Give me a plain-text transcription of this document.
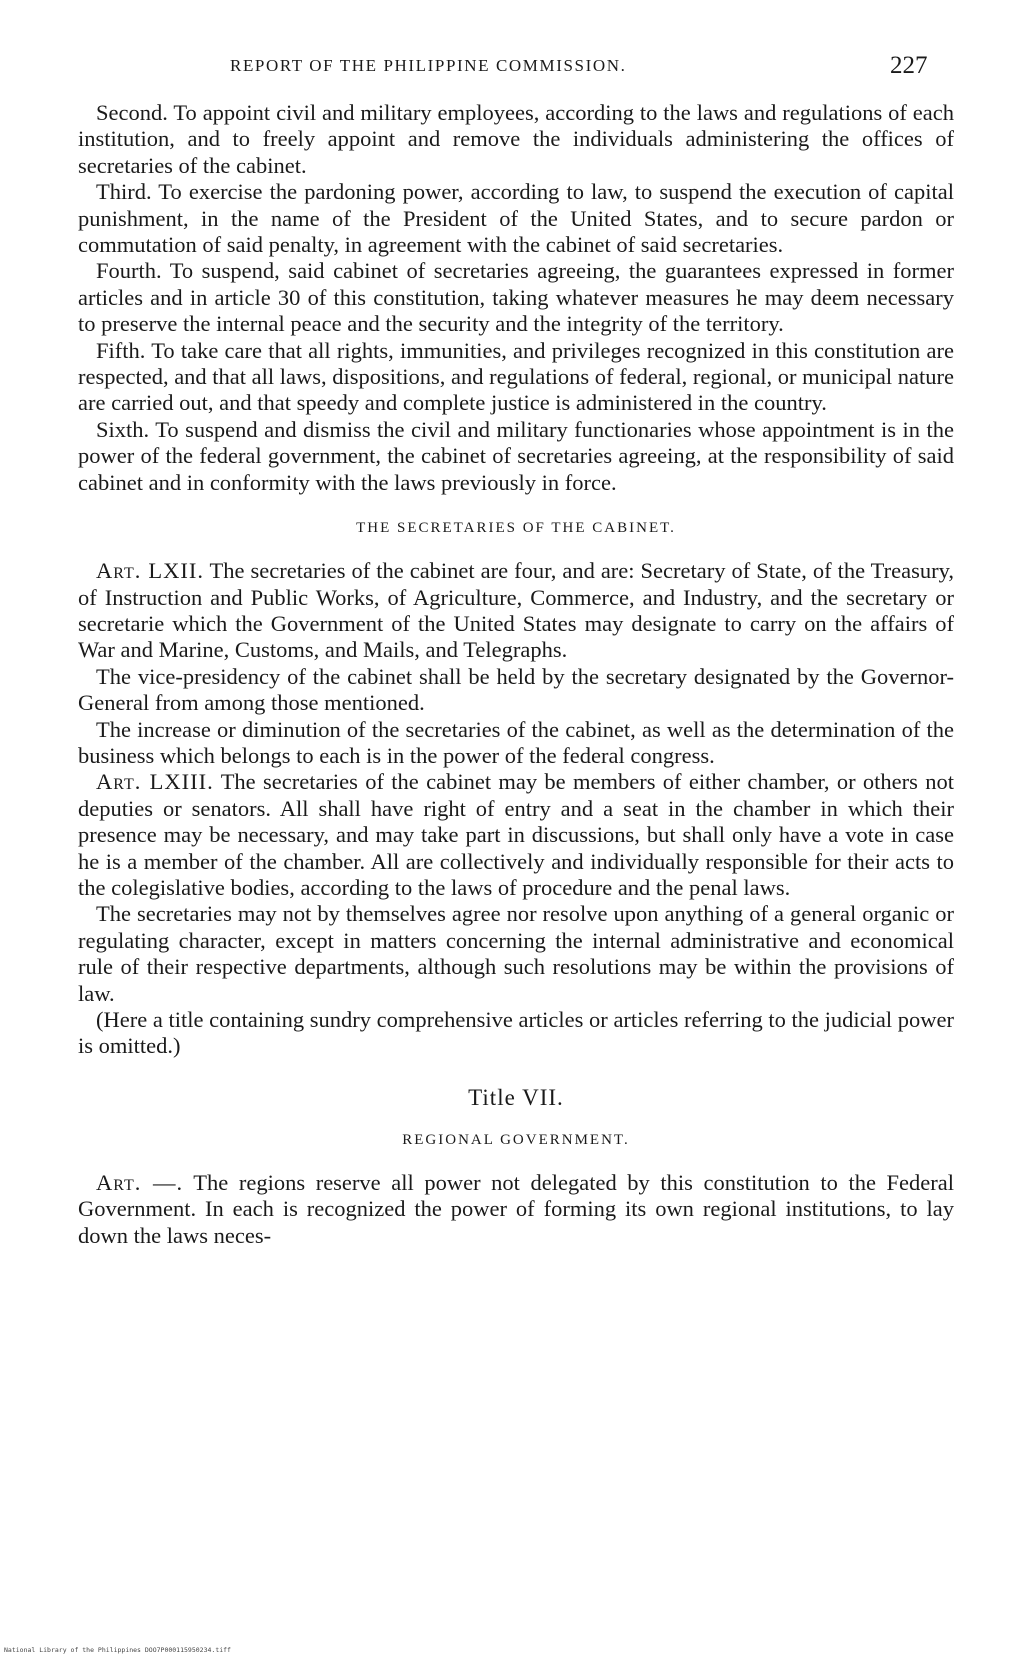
REPORT OF THE PHILIPPINE COMMISSION.	227

Second. To appoint civil and military employees, according to the laws and regulations of each institution, and to freely appoint and remove the individuals administering the offices of secretaries of the cabinet.

Third. To exercise the pardoning power, according to law, to suspend the execution of capital punishment, in the name of the President of the United States, and to secure pardon or commutation of said penalty, in agreement with the cabinet of said secretaries.

Fourth. To suspend, said cabinet of secretaries agreeing, the guarantees expressed in former articles and in article 30 of this constitution, taking whatever measures he may deem necessary to preserve the internal peace and the security and the integrity of the territory.

Fifth. To take care that all rights, immunities, and privileges recognized in this constitution are respected, and that all laws, dispositions, and regulations of federal, regional, or municipal nature are carried out, and that speedy and complete justice is administered in the country.

Sixth. To suspend and dismiss the civil and military functionaries whose appointment is in the power of the federal government, the cabinet of secretaries agreeing, at the responsibility of said cabinet and in conformity with the laws previously in force.

THE SECRETARIES OF THE CABINET.

Art. LXII. The secretaries of the cabinet are four, and are: Secretary of State, of the Treasury, of Instruction and Public Works, of Agriculture, Commerce, and Industry, and the secretary or secretarie which the Government of the United States may designate to carry on the affairs of War and Marine, Customs, and Mails, and Telegraphs.

The vice-presidency of the cabinet shall be held by the secretary designated by the Governor-General from among those mentioned.

The increase or diminution of the secretaries of the cabinet, as well as the determination of the business which belongs to each is in the power of the federal congress.

Art. LXIII. The secretaries of the cabinet may be members of either chamber, or others not deputies or senators. All shall have right of entry and a seat in the chamber in which their presence may be necessary, and may take part in discussions, but shall only have a vote in case he is a member of the chamber. All are collectively and individually responsible for their acts to the colegislative bodies, according to the laws of procedure and the penal laws.

The secretaries may not by themselves agree nor resolve upon anything of a general organic or regulating character, except in matters concerning the internal administrative and economical rule of their respective departments, although such resolutions may be within the provisions of law.

(Here a title containing sundry comprehensive articles or articles referring to the judicial power is omitted.)

Title VII.
REGIONAL GOVERNMENT.

Art. —. The regions reserve all power not delegated by this constitution to the Federal Government. In each is recognized the power of forming its own regional institutions, to lay down the laws neces-

National Library of the Philippines DOO7P000115950234.tiff
